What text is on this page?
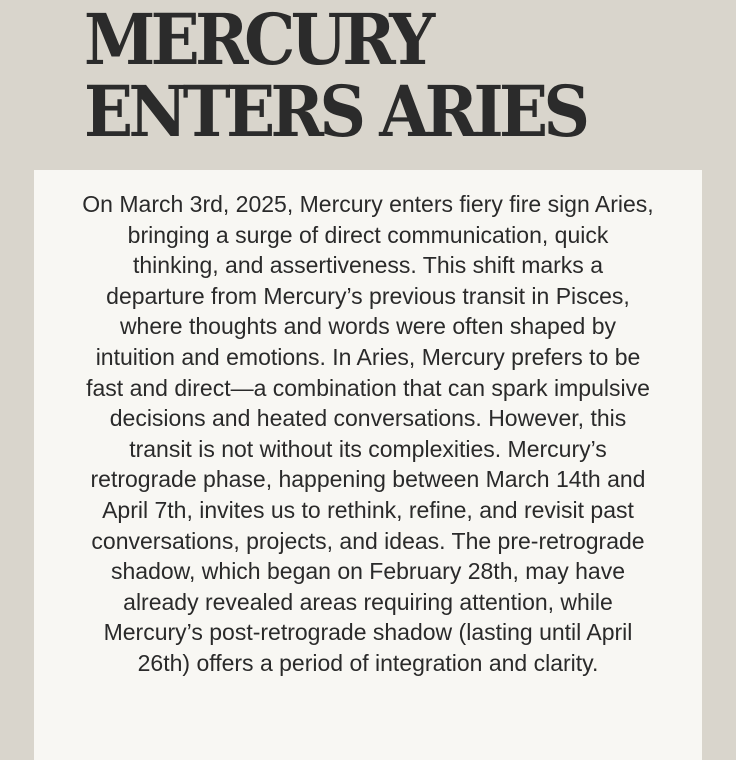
MERCURY
ENTERS ARIES

On March 3rd, 2025, Mercury enters fiery fire sign Aries,
bringing a surge of direct communication, quick
thinking, and assertiveness. This shift marks a
departure from Mercury’s previous transit in Pisces,
where thoughts and words were often shaped by
intuition and emotions. In Aries, Mercury prefers to be
fast and direct—a combination that can spark impulsive
decisions and heated conversations. However, this
transit is not without its complexities. Mercury’s
retrograde phase, happening between March 14th and
April 7th, invites us to rethink, refine, and revisit past
conversations, projects, and ideas. The pre-retrograde
shadow, which began on February 28th, may have
already revealed areas requiring attention, while
Mercury’s post-retrograde shadow (lasting until April
26th) offers a period of integration and clarity.
